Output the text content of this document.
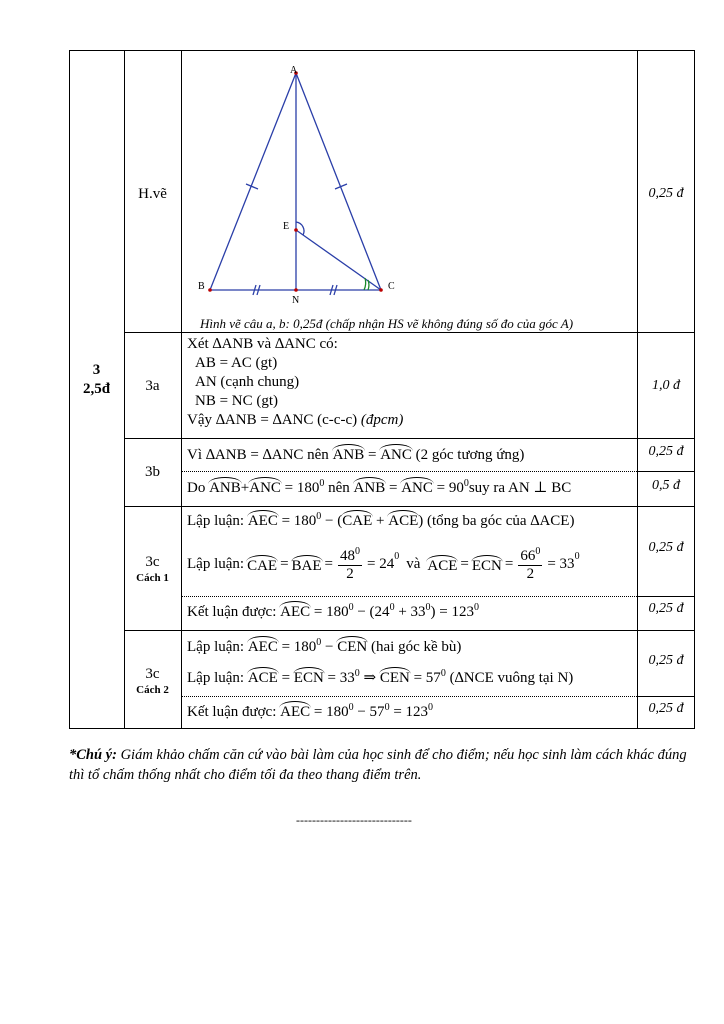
3
2,5đ
H.vẽ
3a
3b
3c
Cách 1
3c
Cách 2
0,25 đ
1,0 đ
0,25 đ
0,5 đ
0,25 đ
0,25 đ
0,25 đ
0,25 đ
A
B	C
E
N
Hình vẽ câu a, b: 0,25đ (chấp nhận HS vẽ không đúng số đo của góc A)
Xét ∆ANB và ∆ANC có:
AB = AC (gt)
AN (cạnh chung)
NB = NC (gt)
Vậy ∆ANB = ∆ANC (c-c-c) (đpcm)
Vì ∆ANB = ∆ANC nên ANB = ANC (2 góc tương ứng)
Do $ANB+ANC = 180^0$ nên ANB = ANC = $90^0suy$ ra AN ⊥ BC
Lập luận: AEC = $180^0 - (CAE + ACE)$ (tổng ba góc của ∆ACE)
Lập luận: CAE = BAE = $\frac{48^0}{2} = 24^0$ và ACE = ECN = $\frac{66^0}{2} = 33^0$
Kết luận được: AEC = $180^0 - (24^0 + 33^0) = 123^0$
Lập luận: AEC = $180^0$ − CEN (hai góc kề bù)
Lập luận: ACE = ECN = $33^0$ ⇒ CEN = $57^0$ (∆NCE vuông tại N)
Kết luận được: AEC = $180^0 - 57^0 = 123^0$
*Chú ý: Giám khảo chấm căn cứ vào bài làm của học sinh để cho điểm; nếu học sinh làm cách khác đúng thì tổ chấm thống nhất cho điểm tối đa theo thang điểm trên.
-----------------------------
